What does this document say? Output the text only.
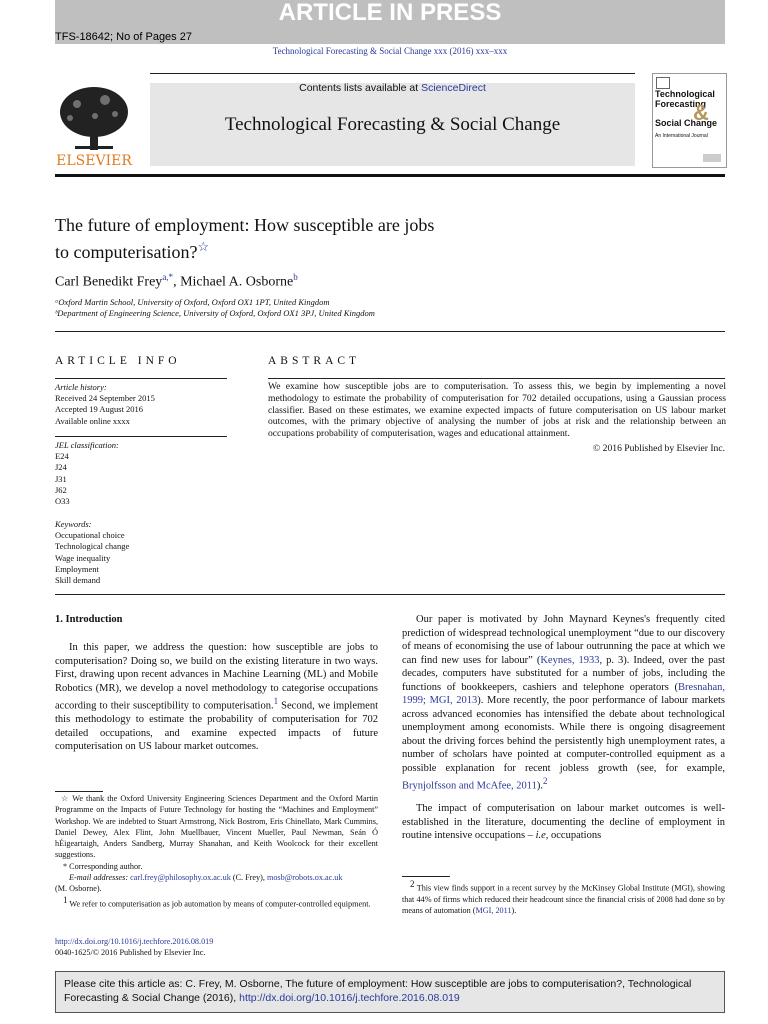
ARTICLE IN PRESS
TFS-18642; No of Pages 27
Technological Forecasting & Social Change xxx (2016) xxx–xxx
ELSEVIER
Contents lists available at ScienceDirect
Technological Forecasting & Social Change
Technological
Forecasting
&
Social Change
An International Journal
The future of employment: How susceptible are jobs
to computerisation?☆
Carl Benedikt Frey$^{a,*}$, Michael A. Osborne$^b$
ᵃOxford Martin School, University of Oxford, Oxford OX1 1PT, United Kingdom
ᵇDepartment of Engineering Science, University of Oxford, Oxford OX1 3PJ, United Kingdom
ARTICLE INFO
Article history:
Received 24 September 2015
Accepted 19 August 2016
Available online xxxx
JEL classification:
E24
J24
J31
J62
O33
Keywords:
Occupational choice
Technological change
Wage inequality
Employment
Skill demand
ABSTRACT
We examine how susceptible jobs are to computerisation. To assess this, we begin by implementing a novel methodology to estimate the probability of computerisation for 702 detailed occupations, using a Gaussian process classifier. Based on these estimates, we examine expected impacts of future computerisation on US labour market outcomes, with the primary objective of analysing the number of jobs at risk and the relationship between an occupations probability of computerisation, wages and educational attainment.
© 2016 Published by Elsevier Inc.
1. Introduction
In this paper, we address the question: how susceptible are jobs to computerisation? Doing so, we build on the existing literature in two ways. First, drawing upon recent advances in Machine Learning (ML) and Mobile Robotics (MR), we develop a novel methodology to categorise occupations according to their susceptibility to computerisation.$^1$ Second, we implement this methodology to estimate the probability of computerisation for 702 detailed occupations, and examine expected impacts of future computerisation on US labour market outcomes.
Our paper is motivated by John Maynard Keynes's frequently cited prediction of widespread technological unemployment “due to our discovery of means of economising the use of labour outrunning the pace at which we can find new uses for labour” (Keynes, 1933, p. 3). Indeed, over the past decades, computers have substituted for a number of jobs, including the functions of bookkeepers, cashiers and telephone operators (Bresnahan, 1999; MGI, 2013). More recently, the poor performance of labour markets across advanced economies has intensified the debate about technological unemployment among economists. While there is ongoing disagreement about the driving forces behind the persistently high unemployment rates, a number of scholars have pointed at computer-controlled equipment as a possible explanation for recent jobless growth (see, for example, Brynjolfsson and McAfee, 2011).$^2$
The impact of computerisation on labour market outcomes is well-established in the literature, documenting the decline of employment in routine intensive occupations – i.e, occupations
☆ We thank the Oxford University Engineering Sciences Department and the Oxford Martin Programme on the Impacts of Future Technology for hosting the “Machines and Employment” Workshop. We are indebted to Stuart Armstrong, Nick Bostrom, Eris Chinellato, Mark Cummins, Daniel Dewey, Alex Flint, John Muellbauer, Vincent Mueller, Paul Newman, Seán Ó hÉigeartaigh, Anders Sandberg, Murray Shanahan, and Keith Woolcock for their excellent suggestions.
* Corresponding author.
E-mail addresses: carl.frey@philosophy.ox.ac.uk (C. Frey), mosb@robots.ox.ac.uk
(M. Osborne).
$^1$ We refer to computerisation as job automation by means of computer-controlled equipment.
$^2$ This view finds support in a recent survey by the McKinsey Global Institute (MGI), showing that 44% of firms which reduced their headcount since the financial crisis of 2008 had done so by means of automation (MGI, 2011).
http://dx.doi.org/10.1016/j.techfore.2016.08.019
0040-1625/© 2016 Published by Elsevier Inc.
Please cite this article as: C. Frey, M. Osborne, The future of employment: How susceptible are jobs to computerisation?, Technological Forecasting & Social Change (2016), http://dx.doi.org/10.1016/j.techfore.2016.08.019
